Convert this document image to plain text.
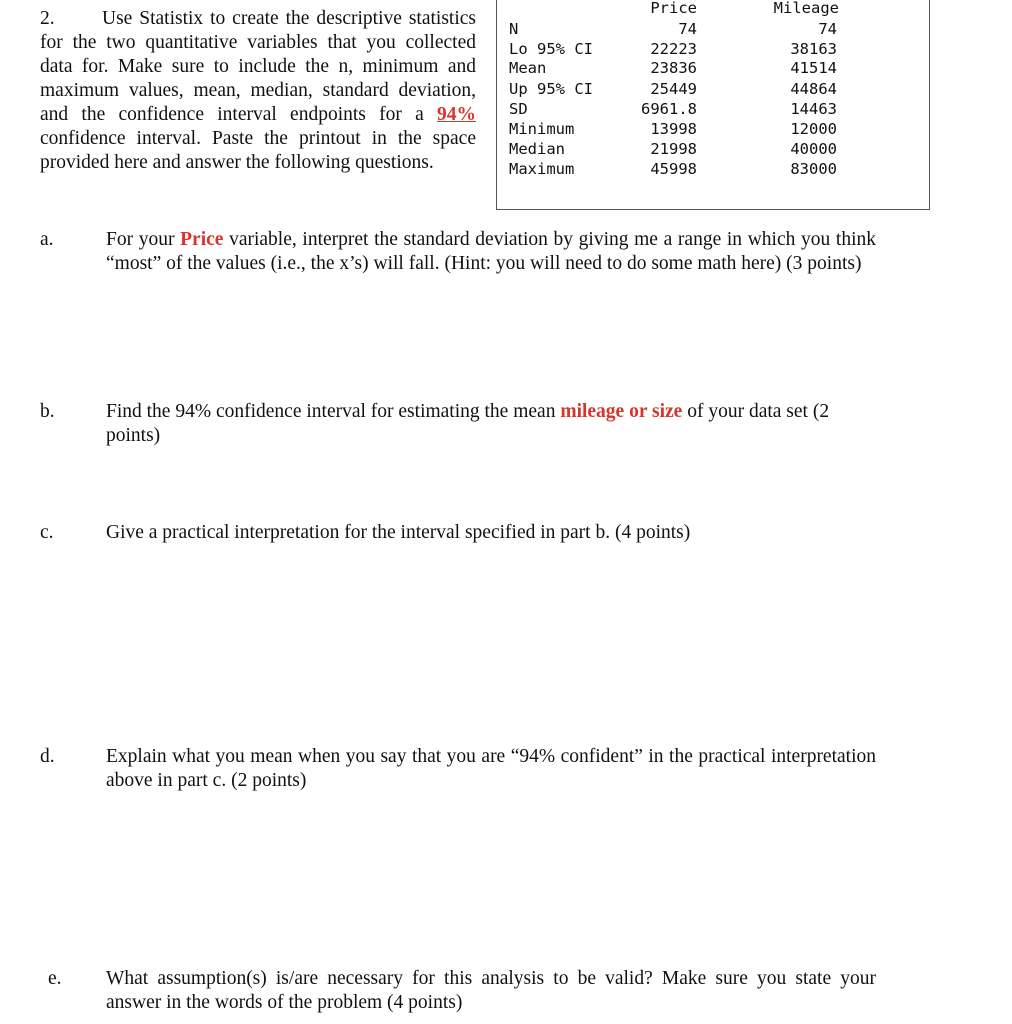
2. Use Statistix to create the descriptive statistics for the two quantitative variables that you collected data for. Make sure to include the n, minimum and maximum values, mean, median, standard deviation, and the confidence interval endpoints for a 94% confidence interval. Paste the printout in the space provided here and answer the following questions.
Price	Mileage
N	74	74
Lo 95% CI	22223	38163
Mean	23836	41514
Up 95% CI	25449	44864
SD	6961.8	14463
Minimum	13998	12000
Median	21998	40000
Maximum	45998	83000
a.	For your Price variable, interpret the standard deviation by giving me a range in which you think “most” of the values (i.e., the x’s) will fall. (Hint: you will need to do some math here) (3 points)
b.	Find the 94% confidence interval for estimating the mean mileage or size of your data set (2 points)
c.	Give a practical interpretation for the interval specified in part b. (4 points)
d.	Explain what you mean when you say that you are “94% confident” in the practical interpretation above in part c. (2 points)
e.	What assumption(s) is/are necessary for this analysis to be valid? Make sure you state your answer in the words of the problem (4 points)
